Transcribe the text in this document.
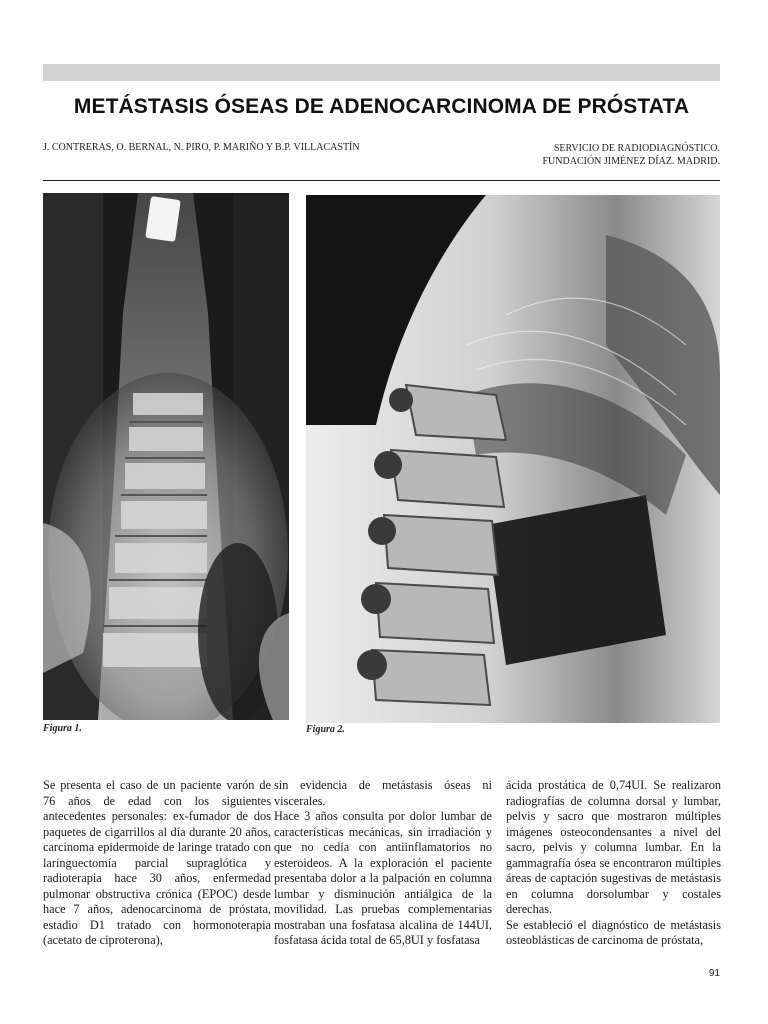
METÁSTASIS ÓSEAS DE ADENOCARCINOMA DE PRÓSTATA
J. CONTRERAS, O. BERNAL, N. PIRO, P. MARIÑO Y B.P. VILLACASTÍN	SERVICIO DE RADIODIAGNÓSTICO.
FUNDACIÓN JIMÉNEZ DÍAZ. MADRID.
Figura 1.	Figura 2.

Se presenta el caso de un paciente varón de 76 años de edad con los siguientes antecedentes personales: ex-fumador de dos paquetes de cigarrillos al día durante 20 años, carcinoma epidermoide de laringe tratado con laringuectomía parcial supraglótica y radioterapia hace 30 años, enfermedad pulmonar obstructiva crónica (EPOC) desde hace 7 años, adenocarcinoma de próstata, estadio D1 tratado con hormonoterapia (acetato de ciproterona),

sin evidencia de metástasis óseas ni viscerales.

Hace 3 años consulta por dolor lumbar de características mecánicas, sin irradiación y que no cedía con antiinflamatorios no esteroideos. A la exploración el paciente presentaba dolor a la palpación en columna lumbar y disminución antiálgica de la movilidad. Las pruebas complementarias mostraban una fosfatasa alcalina de 144UI, fosfatasa ácida total de 65,8UI y fosfatasa

ácida prostática de 0,74UI. Se realizaron radiografías de columna dorsal y lumbar, pelvis y sacro que mostraron múltiples imágenes osteocondensantes a nivel del sacro, pelvis y columna lumbar. En la gammagrafía ósea se encontraron múltiples áreas de captación sugestivas de metástasis en columna dorsolumbar y costales derechas.

Se estableció el diagnóstico de metástasis osteoblásticas de carcinoma de próstata,

91
